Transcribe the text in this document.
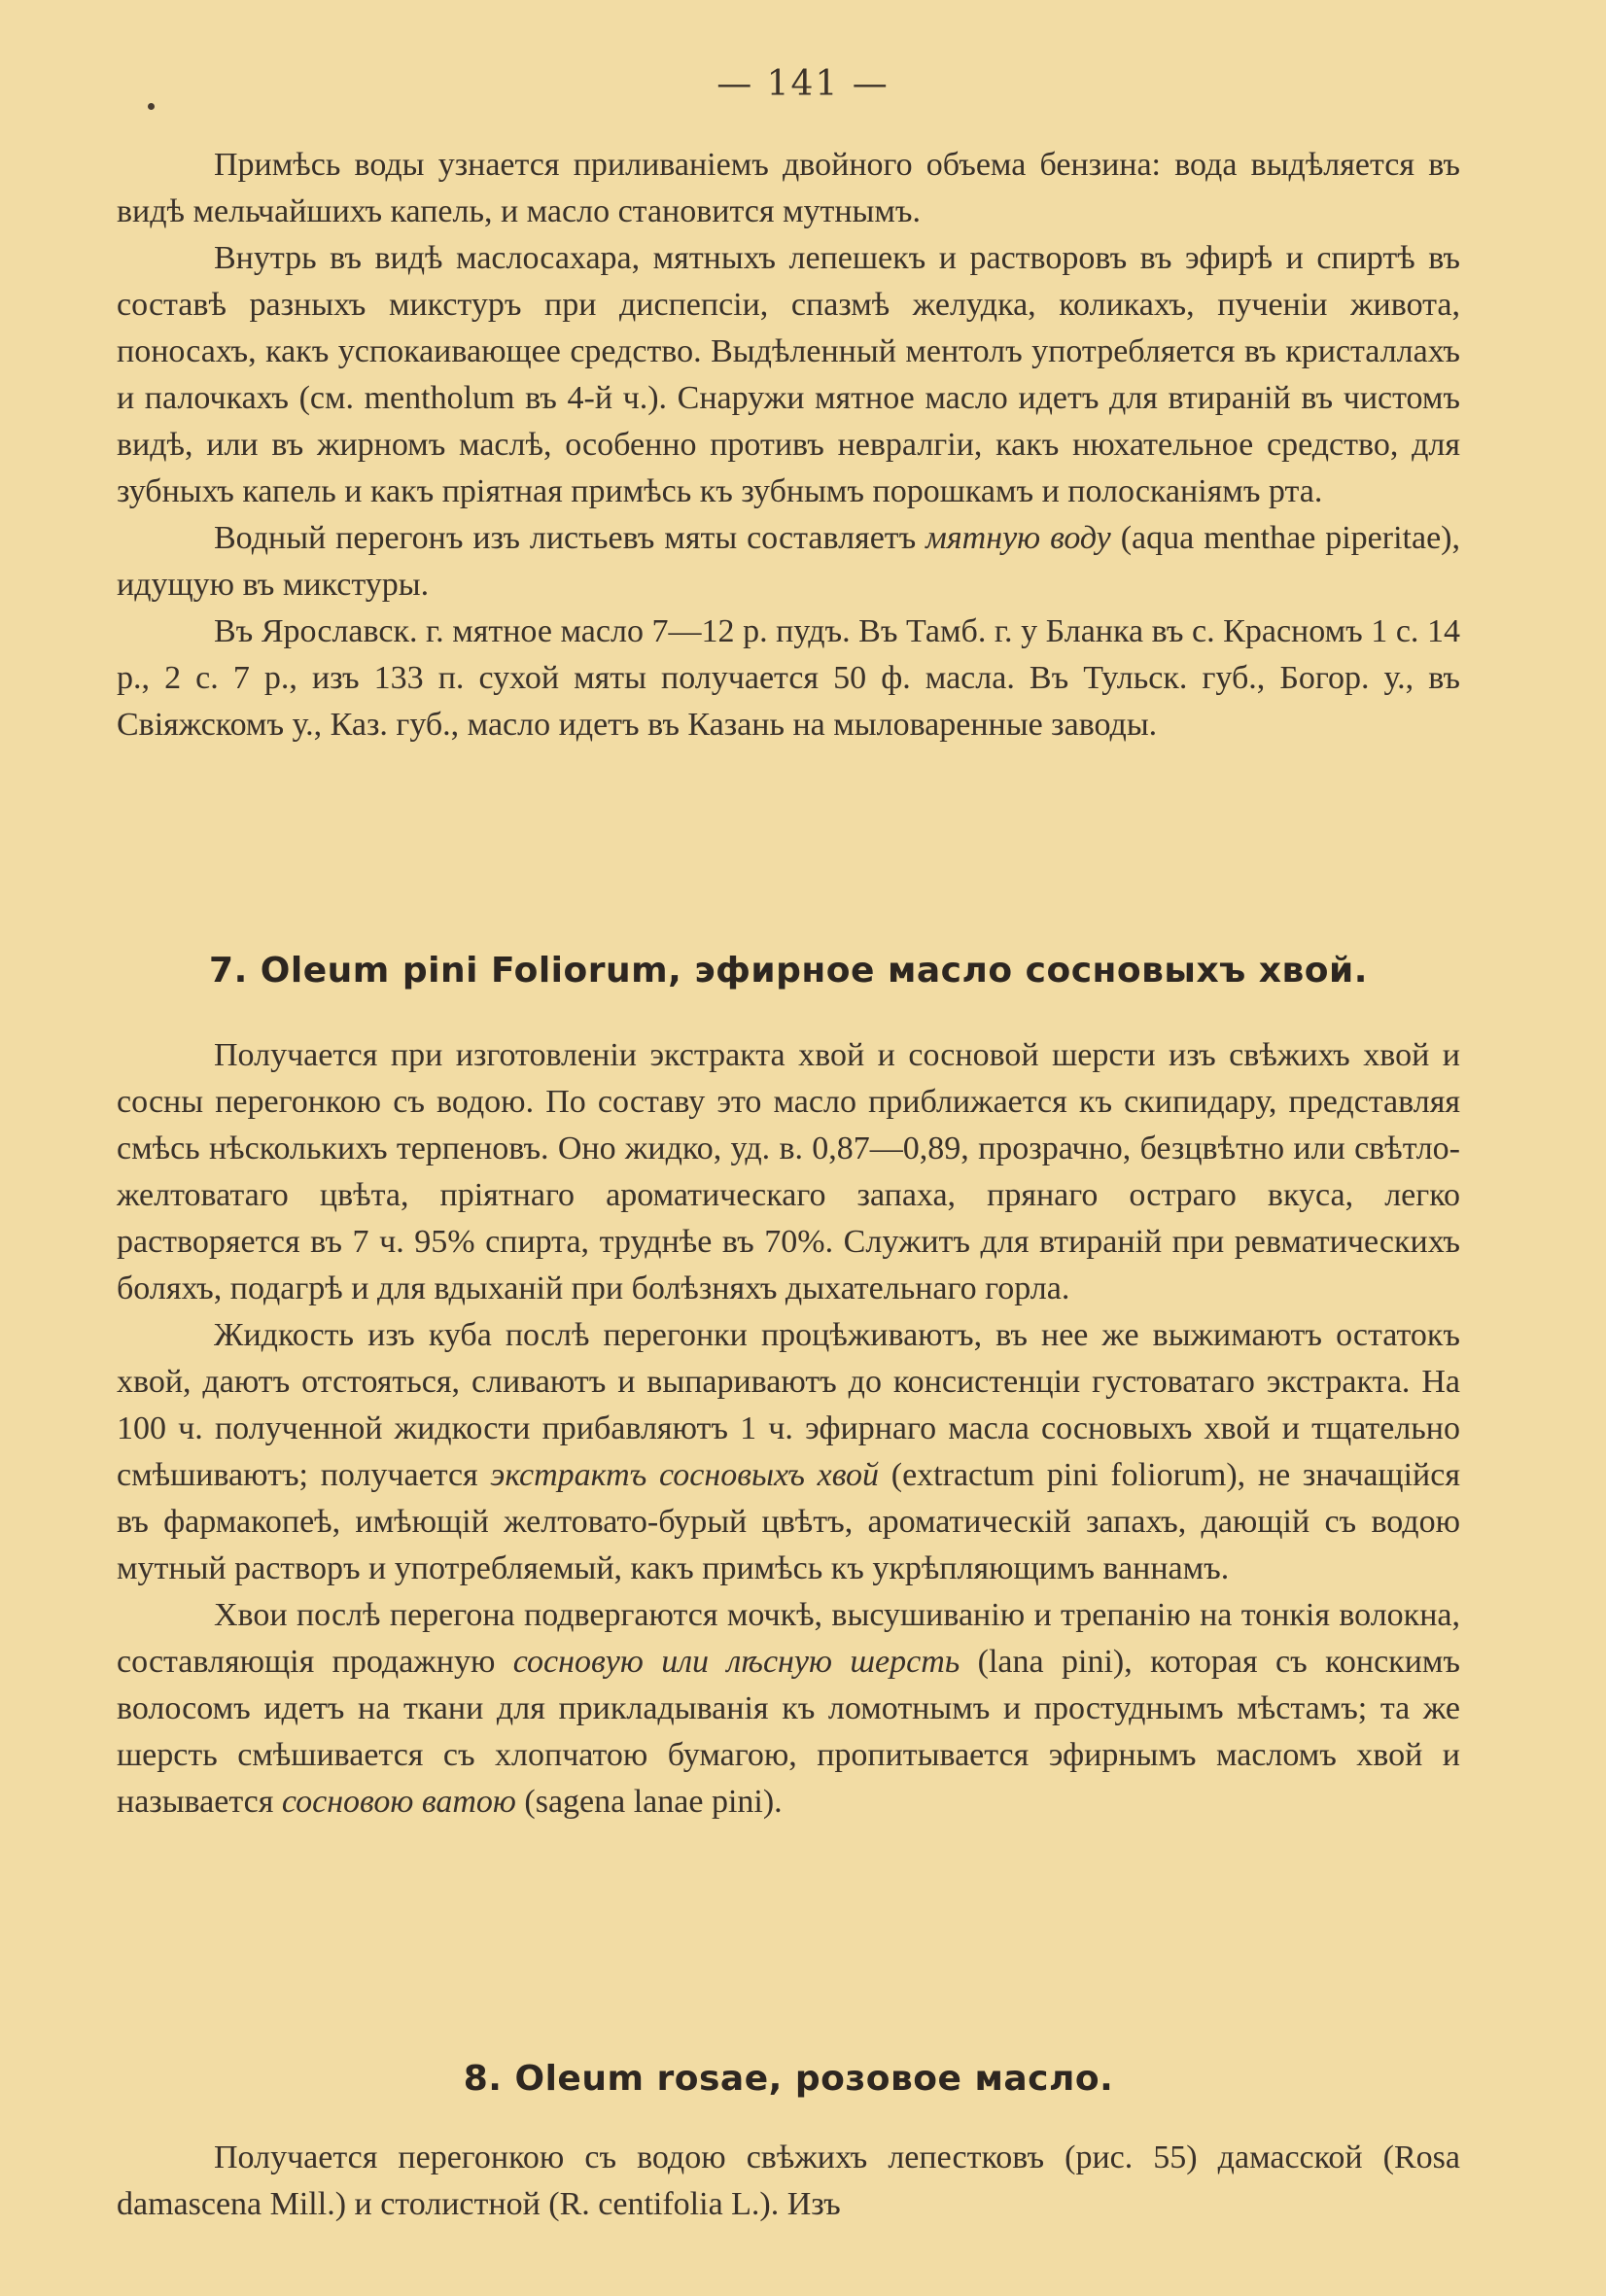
— 141 —

Примѣсь воды узнается приливаніемъ двойного объема бензина: вода выдѣляется въ видѣ мельчайшихъ капель, и масло становится мутнымъ.

Внутрь въ видѣ маслосахара, мятныхъ лепешекъ и растворовъ въ эфирѣ и спиртѣ въ составѣ разныхъ микстуръ при диспепсіи, спазмѣ желудка, коликахъ, пученіи живота, поносахъ, какъ успокаивающее средство. Выдѣленный ментолъ употребляется въ кристаллахъ и палочкахъ (см. mentholum въ 4-й ч.). Снаружи мятное масло идетъ для втираній въ чистомъ видѣ, или въ жирномъ маслѣ, особенно противъ невралгіи, какъ нюхательное средство, для зубныхъ капель и какъ пріятная примѣсь къ зубнымъ порошкамъ и полосканіямъ рта.

Водный перегонъ изъ листьевъ мяты составляетъ мятную воду (aqua menthae piperitae), идущую въ микстуры.

Въ Ярославск. г. мятное масло 7—12 р. пудъ. Въ Тамб. г. у Бланка въ с. Красномъ 1 с. 14 р., 2 с. 7 р., изъ 133 п. сухой мяты получается 50 ф. масла. Въ Тульск. губ., Богор. у., въ Свіяжскомъ у., Каз. губ., масло идетъ въ Казань на мыловаренные заводы.

7. Oleum pini Foliorum, эфирное масло сосновыхъ хвой.

Получается при изготовленіи экстракта хвой и сосновой шерсти изъ свѣжихъ хвой и сосны перегонкою съ водою. По составу это масло приближается къ скипидару, представляя смѣсь нѣсколькихъ терпеновъ. Оно жидко, уд. в. 0,87—0,89, прозрачно, безцвѣтно или свѣтло-желтоватаго цвѣта, пріятнаго ароматическаго запаха, прянаго остраго вкуса, легко растворяется въ 7 ч. 95% спирта, труднѣе въ 70%. Служитъ для втираній при ревматическихъ боляхъ, подагрѣ и для вдыханій при болѣзняхъ дыхательнаго горла.

Жидкость изъ куба послѣ перегонки процѣживаютъ, въ нее же выжимаютъ остатокъ хвой, даютъ отстояться, сливаютъ и выпариваютъ до консистенціи густоватаго экстракта. На 100 ч. полученной жидкости прибавляютъ 1 ч. эфирнаго масла сосновыхъ хвой и тщательно смѣшиваютъ; получается экстрактъ сосновыхъ хвой (extractum pini foliorum), не значащійся въ фармакопеѣ, имѣющій желтовато-бурый цвѣтъ, ароматическій запахъ, дающій съ водою мутный растворъ и употребляемый, какъ примѣсь къ укрѣпляющимъ ваннамъ.

Хвои послѣ перегона подвергаются мочкѣ, высушиванію и трепанію на тонкія волокна, составляющія продажную сосновую или лѣсную шерсть (lana pini), которая съ конскимъ волосомъ идетъ на ткани для прикладыванія къ ломотнымъ и простуднымъ мѣстамъ; та же шерсть смѣшивается съ хлопчатою бумагою, пропитывается эфирнымъ масломъ хвой и называется сосновою ватою (sagena lanae pini).

8. Oleum rosae, розовое масло.

Получается перегонкою съ водою свѣжихъ лепестковъ (рис. 55) дамасской (Rosa damascena Mill.) и столистной (R. centifolia L.). Изъ
